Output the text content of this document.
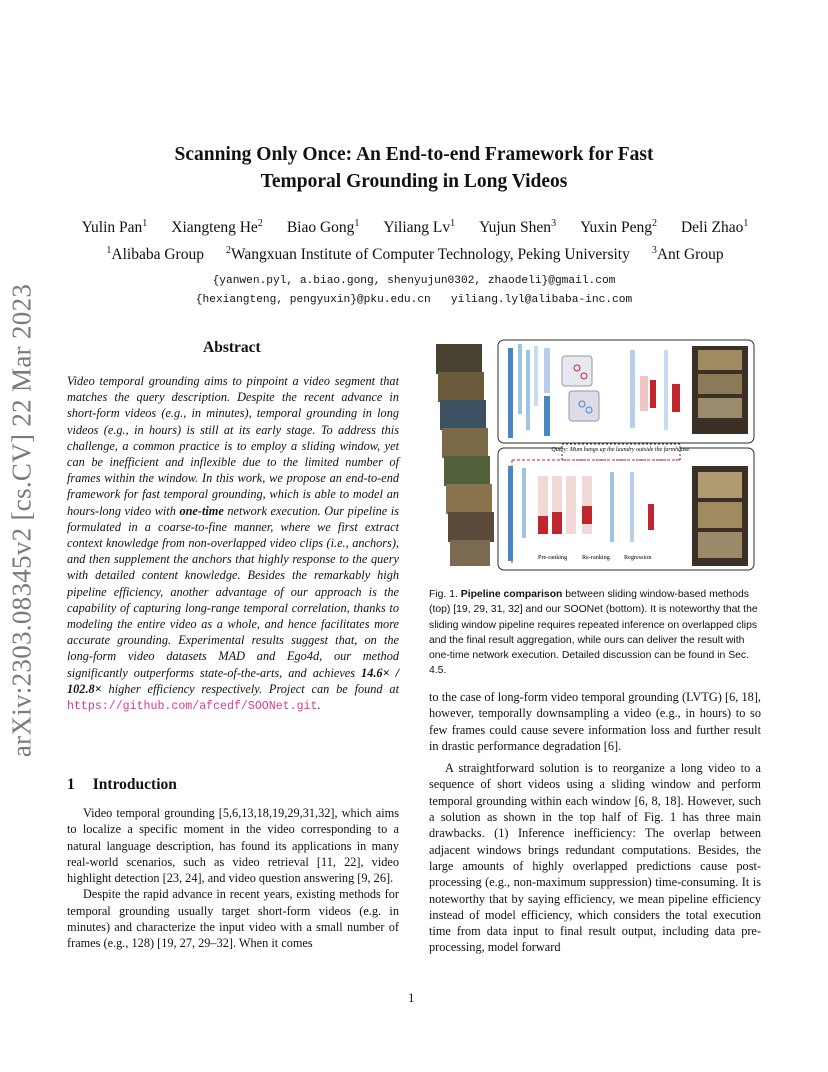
arXiv:2303.08345v2 [cs.CV] 22 Mar 2023
Scanning Only Once: An End-to-end Framework for Fast
Temporal Grounding in Long Videos
Yulin Pan$^1$ Xiangteng He$^2$ Biao Gong$^1$ Yiliang Lv$^1$ Yujun Shen$^3$ Yuxin Peng$^2$ Deli Zhao$^1$
$^1$Alibaba Group $^2$Wangxuan Institute of Computer Technology, Peking University $^3$Ant Group
{yanwen.pyl, a.biao.gong, shenyujun0302, zhaodeli}@gmail.com
{hexiangteng, pengyuxin}@pku.edu.cn   yiliang.lyl@alibaba-inc.com
Abstract
Video temporal grounding aims to pinpoint a video segment that matches the query description. Despite the recent advance in short-form videos (e.g., in minutes), temporal grounding in long videos (e.g., in hours) is still at its early stage. To address this challenge, a common practice is to employ a sliding window, yet can be inefficient and inflexible due to the limited number of frames within the window. In this work, we propose an end-to-end framework for fast temporal grounding, which is able to model an hours-long video with one-time network execution. Our pipeline is formulated in a coarse-to-fine manner, where we first extract context knowledge from non-overlapped video clips (i.e., anchors), and then supplement the anchors that highly response to the query with detailed content knowledge. Besides the remarkably high pipeline efficiency, another advantage of our approach is the capability of capturing long-range temporal correlation, thanks to modeling the entire video as a whole, and hence facilitates more accurate grounding. Experimental results suggest that, on the long-form video datasets MAD and Ego4d, our method significantly outperforms state-of-the-arts, and achieves 14.6× / 102.8× higher efficiency respectively. Project can be found at https://github.com/afcedf/SOONet.git.
1 Introduction

Video temporal grounding [5,6,13,18,19,29,31,32], which aims to localize a specific moment in the video corresponding to a natural language description, has found its applications in many real-world scenarios, such as video retrieval [11, 22], video highlight detection [23, 24], and video question answering [9, 26].

Despite the rapid advance in recent years, existing methods for temporal grounding usually target short-form videos (e.g. in minutes) and characterize the input video with a small number of frames (e.g., 128) [19, 27, 29–32]. When it comes

Query: Mum hangs up the laundry outside the farmhouse.
Pre-ranking Re-ranking Regression
Fig. 1. Pipeline comparison between sliding window-based methods (top) [19, 29, 31, 32] and our SOONet (bottom). It is noteworthy that the sliding window pipeline requires repeated inference on overlapped clips and the final result aggregation, while ours can deliver the result with one-time network execution. Detailed discussion can be found in Sec. 4.5.

to the case of long-form video temporal grounding (LVTG) [6, 18], however, temporally downsampling a video (e.g., in hours) to so few frames could cause severe information loss and further result in drastic performance degradation [6].

A straightforward solution is to reorganize a long video to a sequence of short videos using a sliding window and perform temporal grounding within each window [6, 8, 18]. However, such a solution as shown in the top half of Fig. 1 has three main drawbacks. (1) Inference inefficiency: The overlap between adjacent windows brings redundant computations. Besides, the large amounts of highly overlapped predictions cause post-processing (e.g., non-maximum suppression) time-consuming. It is noteworthy that by saying efficiency, we mean pipeline efficiency instead of model efficiency, which considers the total execution time from data input to final result output, including data pre-processing, model forward

1
